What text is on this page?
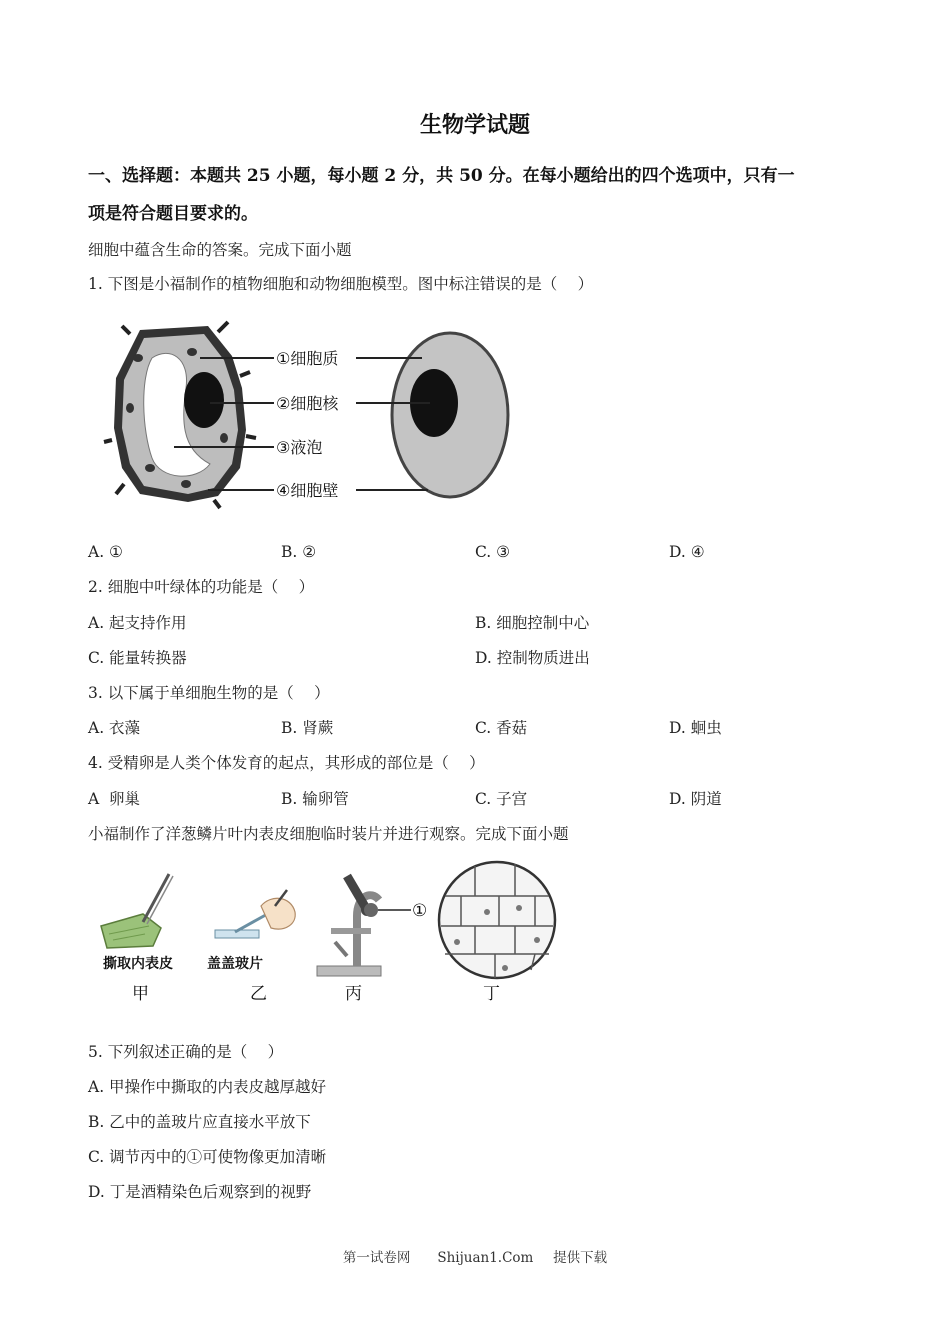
生物学试题
一、选择题：本题共 25 小题，每小题 2 分，共 50 分。在每小题给出的四个选项中，只有一
项是符合题目要求的。
细胞中蕴含生命的答案。完成下面小题
1. 下图是小福制作的植物细胞和动物细胞模型。图中标注错误的是（　 ）
①细胞质
②细胞核
③液泡
④细胞壁
A. ①	B. ②	C. ③	D. ④
2. 细胞中叶绿体的功能是（　 ）
A. 起支持作用	B. 细胞控制中心
C. 能量转换器	D. 控制物质进出
3. 以下属于单细胞生物的是（　 ）
A. 衣藻	B. 肾蕨	C. 香菇	D. 蛔虫
4. 受精卵是人类个体发育的起点，其形成的部位是（　 ）
A  卵巢	B. 输卵管	C. 子宫	D. 阴道
小福制作了洋葱鳞片叶内表皮细胞临时装片并进行观察。完成下面小题
撕取内表皮
甲
盖盖玻片
乙
①
丙	丁
5. 下列叙述正确的是（　 ）
A. 甲操作中撕取的内表皮越厚越好
B. 乙中的盖玻片应直接水平放下
C. 调节丙中的①可使物像更加清晰
D. 丁是酒精染色后观察到的视野
第一试卷网　　Shijuan1.Com　 提供下载
